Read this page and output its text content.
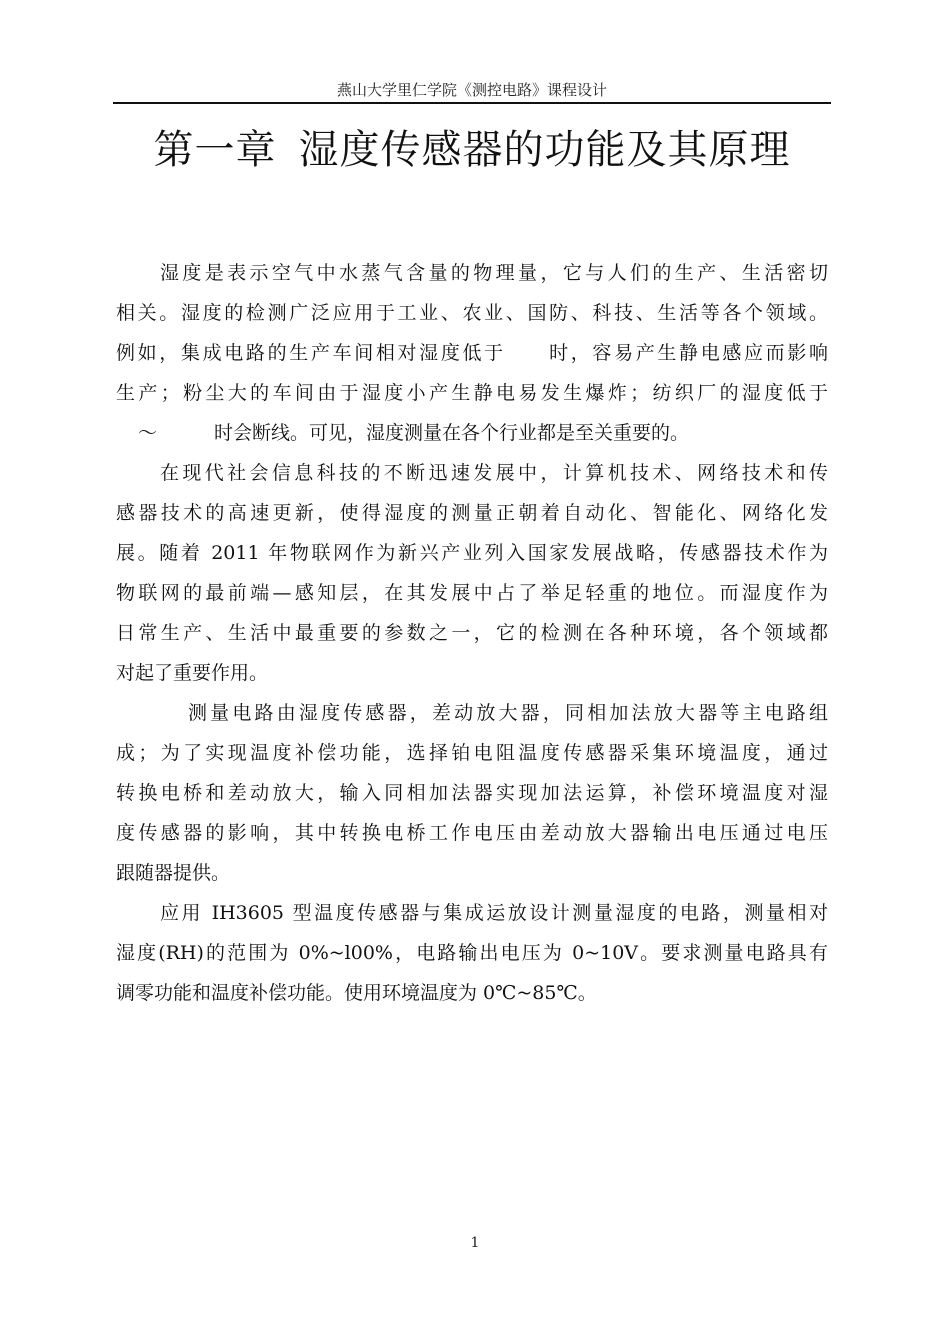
燕山大学里仁学院《测控电路》课程设计
第一章 湿度传感器的功能及其原理
湿度是表示空气中水蒸气含量的物理量，它与人们的生产、生活密切
相关。湿度的检测广泛应用于工业、农业、国防、科技、生活等各个领域。
例如，集成电路的生产车间相对湿度低于　　时，容易产生静电感应而影响
生产；粉尘大的车间由于湿度小产生静电易发生爆炸；纺织厂的湿度低于
～　　　时会断线。可见，湿度测量在各个行业都是至关重要的。
在现代社会信息科技的不断迅速发展中，计算机技术、网络技术和传
感器技术的高速更新，使得湿度的测量正朝着自动化、智能化、网络化发
展。随着 2011 年物联网作为新兴产业列入国家发展战略，传感器技术作为
物联网的最前端—感知层，在其发展中占了举足轻重的地位。而湿度作为
日常生产、生活中最重要的参数之一，它的检测在各种环境，各个领域都
对起了重要作用。
测量电路由湿度传感器，差动放大器，同相加法放大器等主电路组
成；为了实现温度补偿功能，选择铂电阻温度传感器采集环境温度，通过
转换电桥和差动放大，输入同相加法器实现加法运算，补偿环境温度对湿
度传感器的影响，其中转换电桥工作电压由差动放大器输出电压通过电压
跟随器提供。
应用 IH3605 型温度传感器与集成运放设计测量湿度的电路，测量相对
湿度(RH)的范围为 0%~l00%，电路输出电压为 0~10V。要求测量电路具有
调零功能和温度补偿功能。使用环境温度为 0℃~85℃。
1
